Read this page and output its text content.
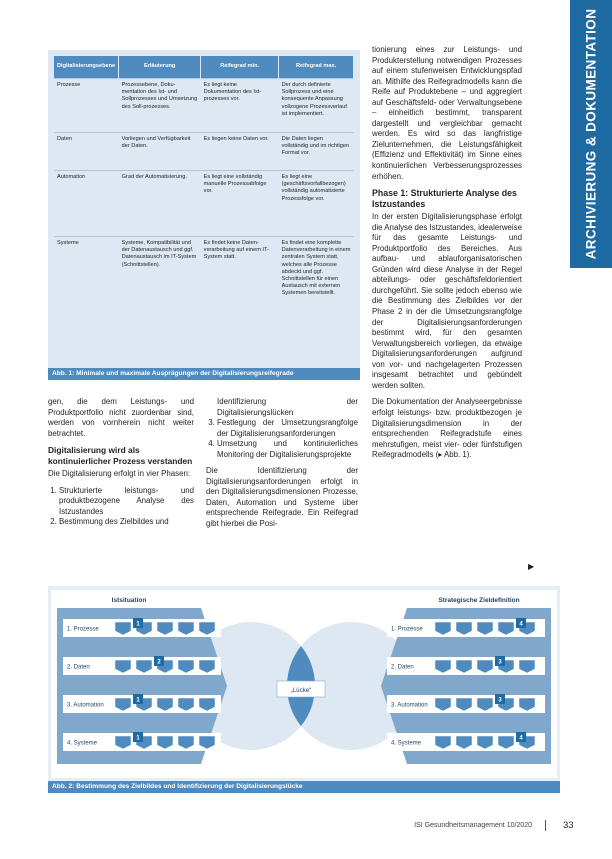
ARCHIVIERUNG & DOKUMENTATION
Digitalisierungsebene	Erläuterung	Reifegrad min.	Reifegrad max.
Prozesse	Prozessebene, Dokumentation des Ist- und Sollprozesses und Umsetzung des Soll-prozesses.	Es liegt keine Dokumentation des Istprozesses vor.	Der durch definierte Sollprozess und eine konsequente Anpassung vollzogene Prozessverlauf ist implementiert.
Daten	Vorliegen und Verfügbarkeit der Daten.	Es liegen keine Daten vor.	Die Daten liegen vollständig und im richtigen Format vor.
Automation	Grad der Automatisierung.	Es liegt eine vollständig manuelle Prozessabfolge vor.	Es liegt eine (geschäftsvorfallbezogen) vollständig automatisierte Prozessfolge vor.
Systeme	Systeme, Kompatibilität und der Datenaustausch und ggf. Datenaustausch im IT-System (Schnittstellen).	Es findet keine Datenverarbeitung auf einem IT-System statt.	Es findet eine komplette Datenverarbeitung in einem zentralen System statt, welches alle Prozesse abdeckt und ggf. Schnittstellen für einen Austausch mit externen Systemen bereitstellt.
Abb. 1: Minimale und maximale Ausprägungen der Digitalisierungsreifegrade

gen, die dem Leistungs- und Produktportfolio nicht zuordenbar sind, werden von vornherein nicht weiter betrachtet.

Digitalisierung wird als kontinuierlicher Prozess verstanden

Die Digitalisierung erfolgt in vier Phasen:

1. Strukturierte leistungs- und produktbezogene Analyse des Istzustandes
2. Bestimmung des Zielbildes und

Identifizierung der Digitalisierungslücken

3. Festlegung der Umsetzungsrangfolge der Digitalisierungsanforderungen
4. Umsetzung und kontinuierliches Monitoring der Digitalisierungsprojekte

Die Identifizierung der Digitalisierungsanforderungen erfolgt in den Digitalisierungsdimensionen Prozesse, Daten, Automation und Systeme über entsprechende Reifegrade. Ein Reifegrad gibt hierbei die Posi-

tionierung eines zur Leistungs- und Produkterstellung notwendigen Prozesses auf einem stufenweisen Entwicklungspfad an. Mithilfe des Reifegradmodells kann die Reife auf Produktebene – und aggregiert auf Geschäftsfeld- oder Verwaltungsebene – einheitlich bestimmt, transparent dargestellt und vergleichbar gemacht werden. Es wird so das langfristige Zielunternehmen, die Leistungsfähigkeit (Effizienz und Effektivität) im Sinne eines kontinuierlichen Verbesserungsprozesses erhöhen.

Phase 1: Strukturierte Analyse des Istzustandes

In der ersten Digitalisierungsphase erfolgt die Analyse des Istzustandes, idealerweise für das gesamte Leistungs- und Produktportfolio des Bereiches. Aus aufbau- und ablauforganisatorischen Gründen wird diese Analyse in der Regel abteilungs- oder geschäftsfeldorientiert durchgeführt. Sie sollte jedoch ebenso wie die Bestimmung des Zielbildes vor der Phase 2 in der die Umsetzungsrangfolge der Digitalisierungsanforderungen bestimmt wird, für den gesamten Verwaltungsbereich vorliegen, da etwaige Digitalisierungsanforderungen aufgrund von vor- und nachgelagerten Prozessen insgesamt betrachtet und gebündelt werden sollten.

Die Dokumentation der Analyseergebnisse erfolgt leistungs- bzw. produktbezogen je Digitalisierungsdimension in der entsprechenden Reifegradstufe eines mehrstufigen, meist vier- oder fünfstufigen Reifegradmodells (▸ Abb. 1).

▶
Istsituation	Strategische Zieldefinition
„Lücke“
1. Prozesse
1
1. Prozesse
4
2. Daten
2
2. Daten
3
3. Automation
1
3. Automation
3
4. Systeme
1
4. Systeme
4
Abb. 2: Bestimmung des Zielbildes und Identifizierung der Digitalisierungslücke
ISI Gesundheitsmanagement 10/2020	33
